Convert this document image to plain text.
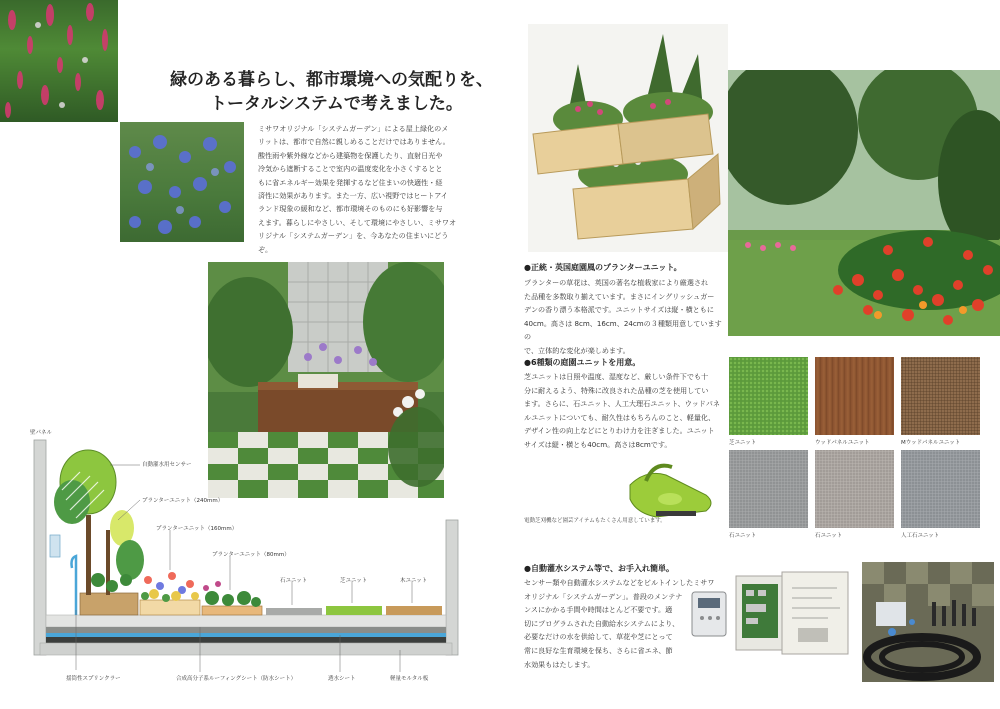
緑のある暮らし、都市環境への気配りを、
トータルシステムで考えました。
ミサワオリジナル「システムガーデン」による屋上緑化のメ
リットは、都市で自然に親しめることだけではありません。
酸性雨や紫外線などから建築物を保護したり、直射日光や
冷気から遮断することで室内の温度変化を小さくするとと
もに省エネルギー効果を発揮するなど住まいの快適性・経
済性に効果があります。また一方、広い視野ではヒートアイ
ランド現象の緩和など、都市環境そのものにも好影響を与
えます。暮らしにやさしい、そして環境にやさしい、ミサワオ
リジナル「システムガーデン」を、今あなたの住まいにどうぞ。
壁パネル
自動灌水用センサー
プランターユニット（240mm）
プランターユニット（160mm）
プランターユニット（80mm）
石ユニット	芝ユニット	木ユニット
揺筒性スプリンクラー	合成高分子系ルーフィングシート（防水シート）	透水シート	軽量モルタル板
●正統・英国庭園風のプランターユニット。
プランターの草花は、英国の著名な植栽家により厳選され
た品種を多数取り揃えています。まさにイングリッシュガー
デンの香り漂う本格派です。ユニットサイズは縦・横ともに
40cm。高さは 8cm、16cm、24cmの３種類用意していますの
で、立体的な変化が楽しめます。
●6種類の庭園ユニットを用意。
芝ユニットは日照や温度、湿度など、厳しい条件下でも十
分に耐えるよう、特殊に改良された品種の芝を使用してい
ます。さらに、石ユニット、人工大理石ユニット、ウッドパネ
ルユニットについても、耐久性はもちろんのこと、軽量化、
デザイン性の向上などにとりわけ力を注ぎました。ユニット
サイズは縦・横とも40cm。高さは8cmです。
電動芝刈機など園芸アイテムもたくさん用意しています。
芝ユニット	ウッドパネルユニット	Mウッドパネルユニット
石ユニット	石ユニット	人工石ユニット
●自動灌水システム等で、お手入れ簡単。
センサー類や自動灌水システムなどをビルトインしたミサワ
オリジナル「システムガーデン」。普段のメンテナ
ンスにかかる手間や時間はとんど不要です。適
切にプログラムされた自動給水システムにより、
必要なだけの水を供給して、草花や芝にとって
常に良好な生育環境を保ち、さらに省エネ、節
水効果もはたします。
